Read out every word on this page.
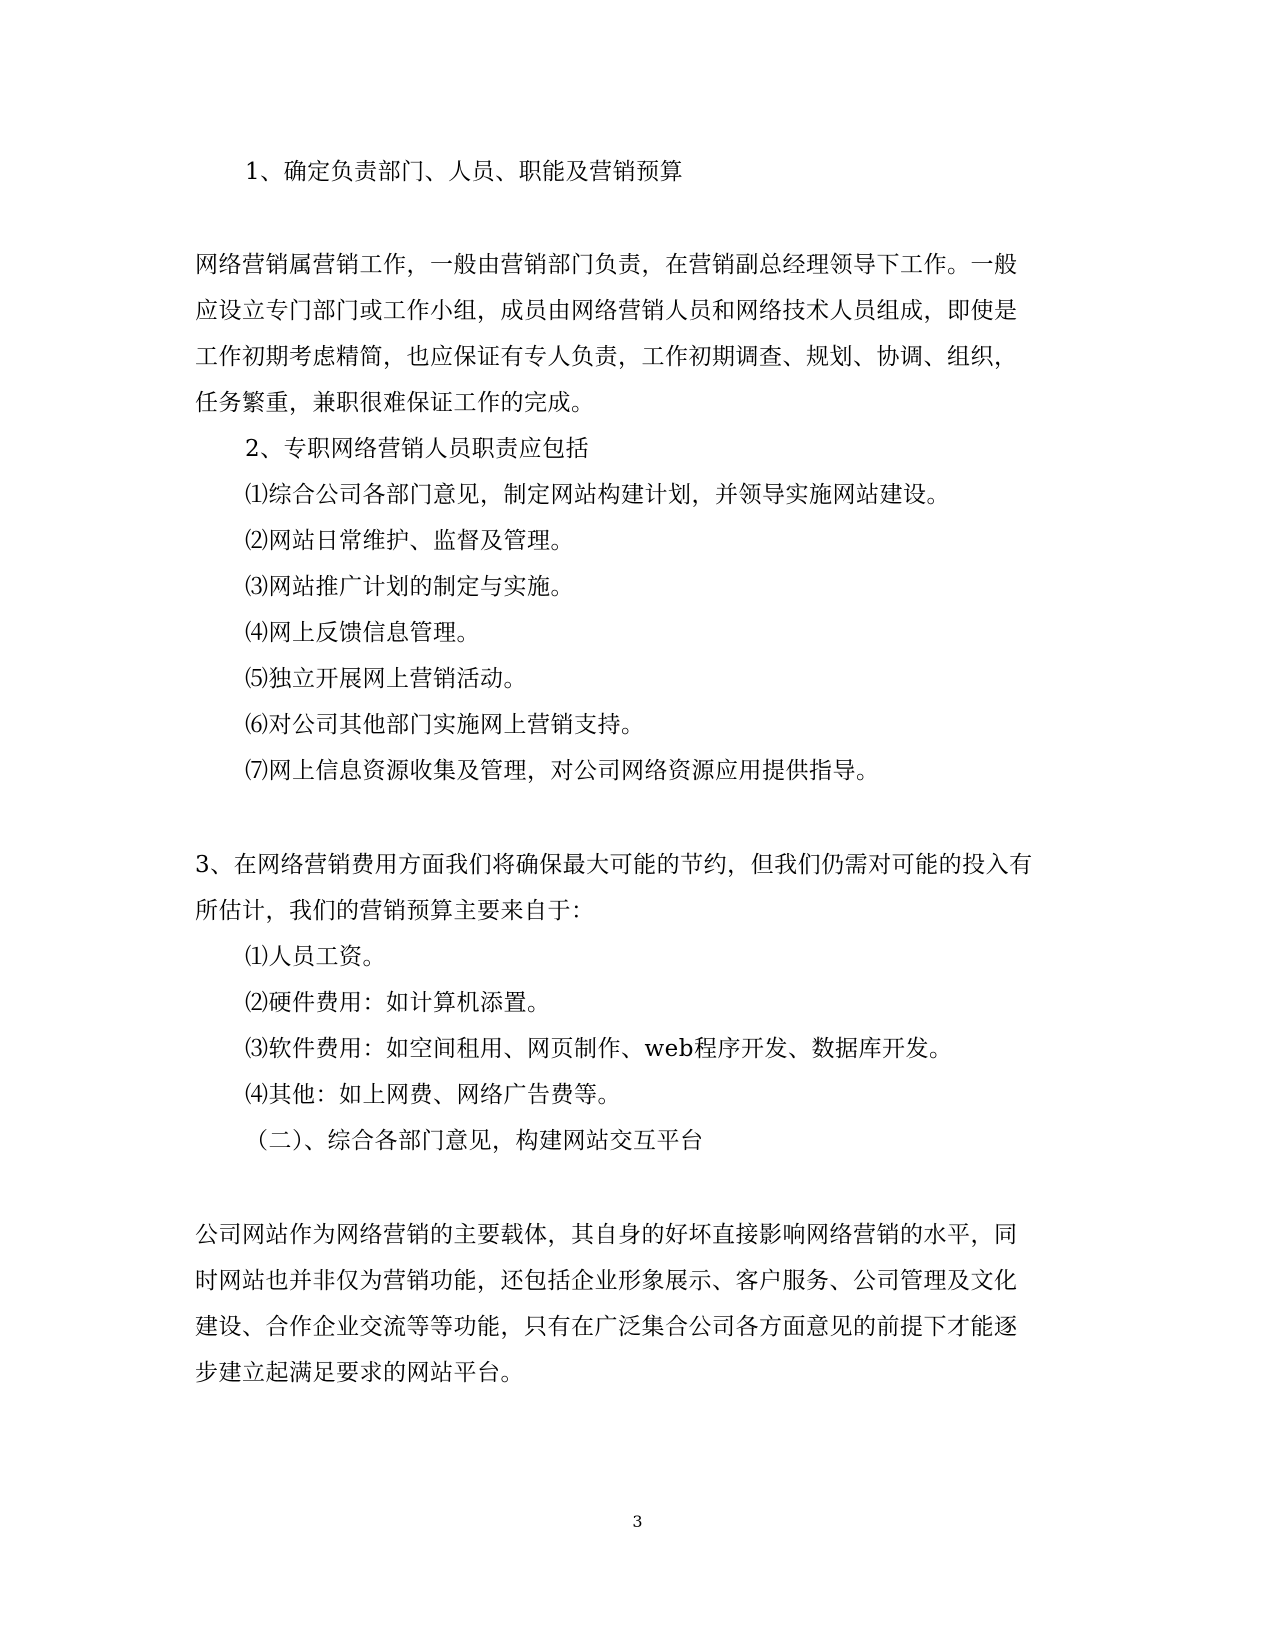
1、确定负责部门、人员、职能及营销预算
网络营销属营销工作，一般由营销部门负责，在营销副总经理领导下工作。一般
应设立专门部门或工作小组，成员由网络营销人员和网络技术人员组成，即使是
工作初期考虑精简，也应保证有专人负责，工作初期调查、规划、协调、组织，
任务繁重，兼职很难保证工作的完成。
2、专职网络营销人员职责应包括
⑴综合公司各部门意见，制定网站构建计划，并领导实施网站建设。
⑵网站日常维护、监督及管理。
⑶网站推广计划的制定与实施。
⑷网上反馈信息管理。
⑸独立开展网上营销活动。
⑹对公司其他部门实施网上营销支持。
⑺网上信息资源收集及管理，对公司网络资源应用提供指导。
3、在网络营销费用方面我们将确保最大可能的节约，但我们仍需对可能的投入有
所估计，我们的营销预算主要来自于：
⑴人员工资。
⑵硬件费用：如计算机添置。
⑶软件费用：如空间租用、网页制作、web程序开发、数据库开发。
⑷其他：如上网费、网络广告费等。
（二）、综合各部门意见，构建网站交互平台
公司网站作为网络营销的主要载体，其自身的好坏直接影响网络营销的水平，同
时网站也并非仅为营销功能，还包括企业形象展示、客户服务、公司管理及文化
建设、合作企业交流等等功能，只有在广泛集合公司各方面意见的前提下才能逐
步建立起满足要求的网站平台。
3
